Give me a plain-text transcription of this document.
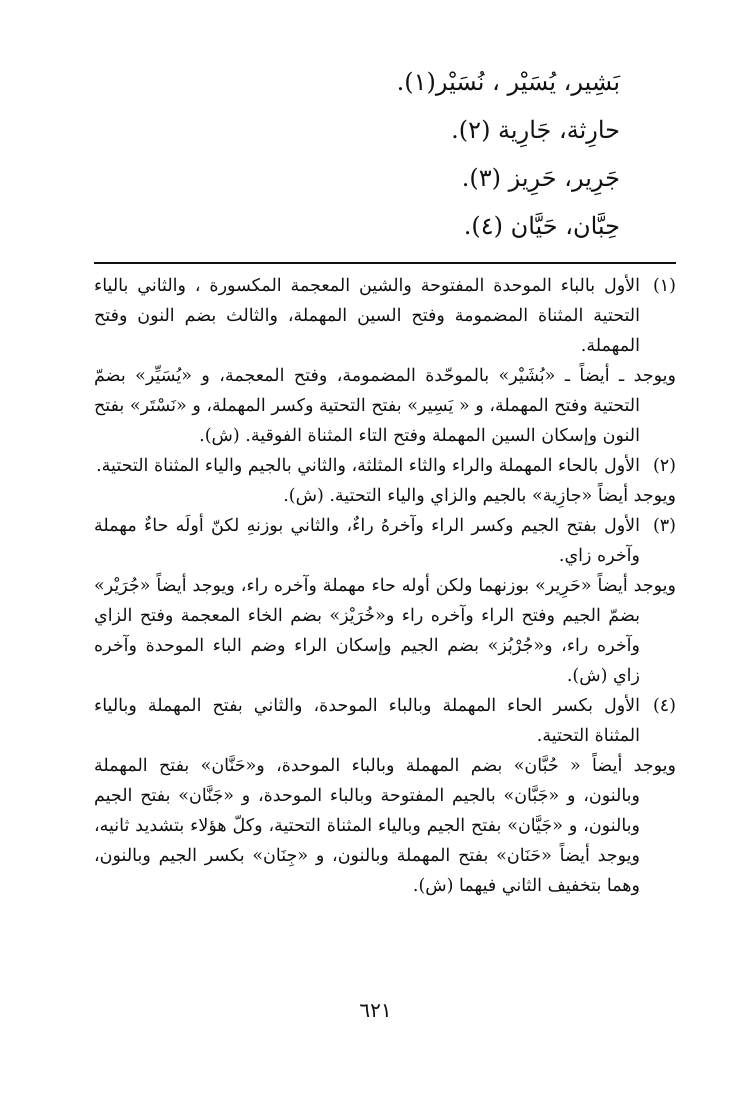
بَشِير، يُسَيْر ، نُسَيْر(١).
حارِثة، جَارِية (٢).
جَرِير، حَرِيز (٣).
حِبَّان، حَيَّان (٤).

(١)
الأول بالباء الموحدة المفتوحة والشين المعجمة المكسورة ، والثاني بالياء التحتية المثناة المضمومة وفتح السين المهملة، والثالث بضم النون وفتح المهملة.

ويوجد ـ أيضاً ـ «بُشَيْر» بالموحّدة المضمومة، وفتح المعجمة، و «يُسَيِّر» بضمّ التحتية وفتح المهملة، و « يَسِير» بفتح التحتية وكسر المهملة، و «نَسْتَر» بفتح النون وإسكان السين المهملة وفتح التاء المثناة الفوقية. (ش).

(٢)
الأول بالحاء المهملة والراء والثاء المثلثة، والثاني بالجيم والياء المثناة التحتية.

ويوجد أيضاً «جازِية» بالجيم والزاي والياء التحتية. (ش).

(٣)
الأول بفتح الجيم وكسر الراء وآخرهُ راءٌ، والثاني بوزنهِ لكنّ أولَه حاءٌ مهملة وآخره زاي.

ويوجد أيضاً «حَرِير» بوزنهما ولكن أوله حاء مهملة وآخره راء، ويوجد أيضاً «جُرَيْر» بضمّ الجيم وفتح الراء وآخره راء و«خُرَيْز» بضم الخاء المعجمة وفتح الزاي وآخره راء، و«جُرْبُز» بضم الجيم وإسكان الراء وضم الباء الموحدة وآخره زاي (ش).

(٤)
الأول بكسر الحاء المهملة وبالباء الموحدة، والثاني بفتح المهملة وبالياء المثناة التحتية.

ويوجد أيضاً « حُبَّان» بضم المهملة وبالباء الموحدة، و«حَنَّان» بفتح المهملة وبالنون، و «جَبَّان» بالجيم المفتوحة وبالباء الموحدة، و «جَنَّان» بفتح الجيم وبالنون، و «جَيَّان» بفتح الجيم وبالياء المثناة التحتية، وكلّ هؤلاء بتشديد ثانيه، ويوجد أيضاً «حَنَان» بفتح المهملة وبالنون، و «جِنَان» بكسر الجيم وبالنون، وهما بتخفيف الثاني فيهما (ش).

٦٢١
